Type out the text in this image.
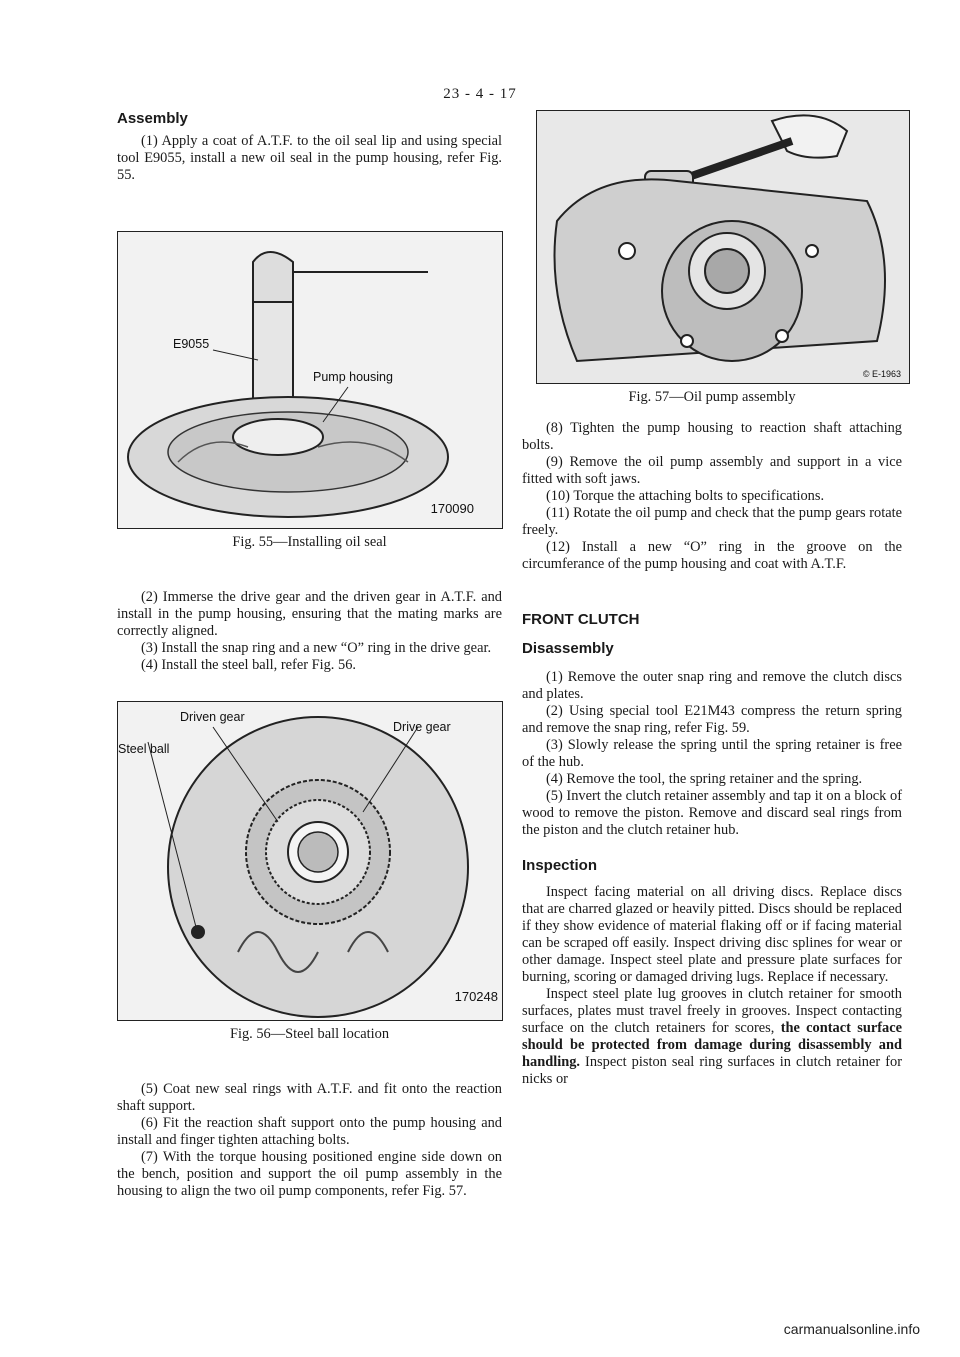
23 - 4 - 17
Assembly

(1) Apply a coat of A.T.F. to the oil seal lip and using special tool E9055, install a new oil seal in the pump housing, refer Fig. 55.

E9055
Pump housing
170090
Fig. 55—Installing oil seal

(2) Immerse the drive gear and the driven gear in A.T.F. and install in the pump housing, ensuring that the mating marks are correctly aligned.

(3) Install the snap ring and a new “O” ring in the drive gear.

(4) Install the steel ball, refer Fig. 56.

Driven gear
Drive gear
Steel ball
170248
Fig. 56—Steel ball location

(5) Coat new seal rings with A.T.F. and fit onto the reaction shaft support.

(6) Fit the reaction shaft support onto the pump housing and install and finger tighten attaching bolts.

(7) With the torque housing positioned engine side down on the bench, position and support the oil pump assembly in the housing to align the two oil pump components, refer Fig. 57.

© E-1963
Fig. 57—Oil pump assembly

(8) Tighten the pump housing to reaction shaft attaching bolts.

(9) Remove the oil pump assembly and support in a vice fitted with soft jaws.

(10) Torque the attaching bolts to specifications.

(11) Rotate the oil pump and check that the pump gears rotate freely.

(12) Install a new “O” ring in the groove on the circumferance of the pump housing and coat with A.T.F.

FRONT CLUTCH
Disassembly

(1) Remove the outer snap ring and remove the clutch discs and plates.

(2) Using special tool E21M43 compress the return spring and remove the snap ring, refer Fig. 59.

(3) Slowly release the spring until the spring retainer is free of the hub.

(4) Remove the tool, the spring retainer and the spring.

(5) Invert the clutch retainer assembly and tap it on a block of wood to remove the piston. Remove and discard seal rings from the piston and the clutch retainer hub.

Inspection

Inspect facing material on all driving discs. Replace discs that are charred glazed or heavily pitted. Discs should be replaced if they show evidence of material flaking off or if facing material can be scraped off easily. Inspect driving disc splines for wear or other damage. Inspect steel plate and pressure plate surfaces for burning, scoring or damaged driving lugs. Replace if necessary.

Inspect steel plate lug grooves in clutch retainer for smooth surfaces, plates must travel freely in grooves. Inspect contacting surface on the clutch retainers for scores, the contact surface should be protected from damage during disassembly and handling. Inspect piston seal ring surfaces in clutch retainer for nicks or

carmanualsonline.info
